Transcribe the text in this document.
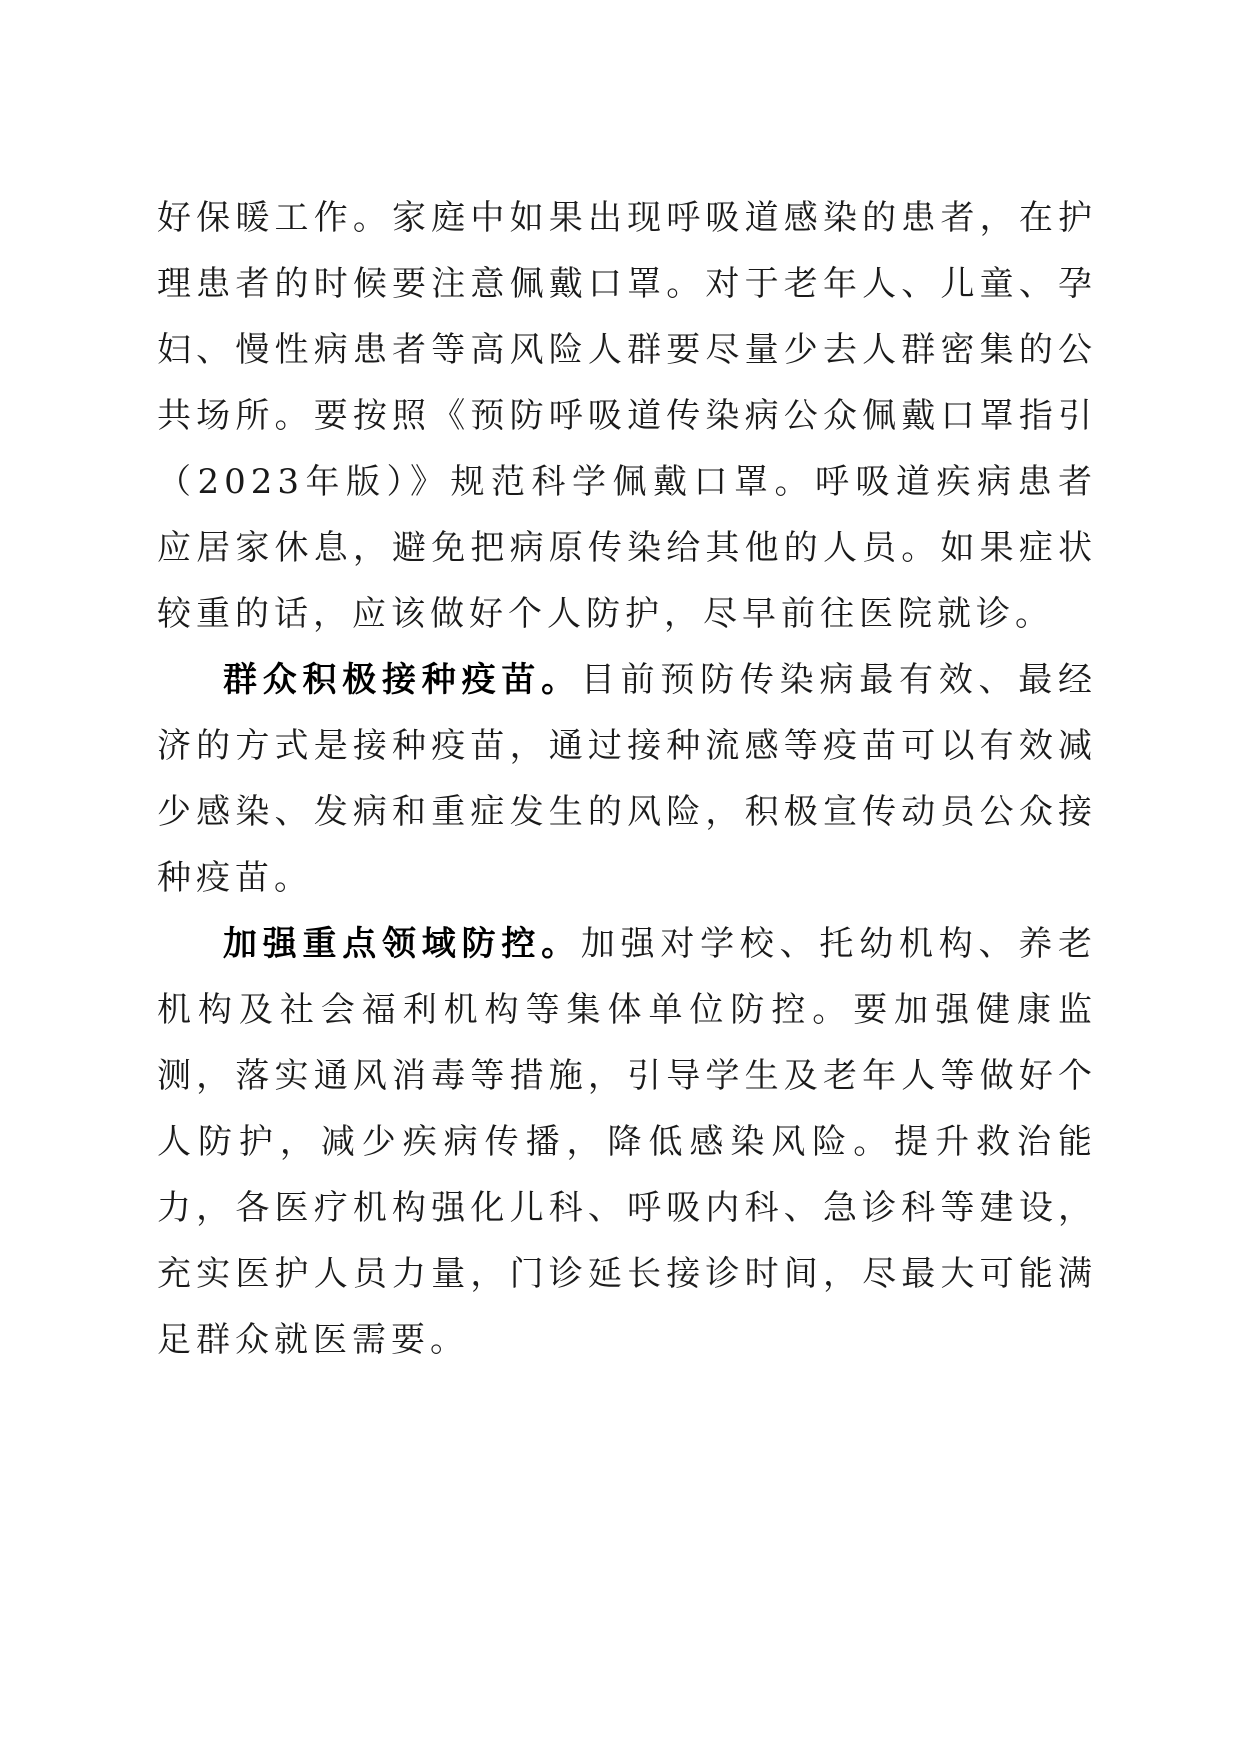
好保暖工作。家庭中如果出现呼吸道感染的患者，在护理患者的时候要注意佩戴口罩。对于老年人、儿童、孕妇、慢性病患者等高风险人群要尽量少去人群密集的公共场所。要按照《预防呼吸道传染病公众佩戴口罩指引（2023年版）》规范科学佩戴口罩。呼吸道疾病患者应居家休息，避免把病原传染给其他的人员。如果症状较重的话，应该做好个人防护，尽早前往医院就诊。

群众积极接种疫苗。目前预防传染病最有效、最经济的方式是接种疫苗，通过接种流感等疫苗可以有效减少感染、发病和重症发生的风险，积极宣传动员公众接种疫苗。

加强重点领域防控。加强对学校、托幼机构、养老机构及社会福利机构等集体单位防控。要加强健康监测，落实通风消毒等措施，引导学生及老年人等做好个人防护，减少疾病传播，降低感染风险。提升救治能力，各医疗机构强化儿科、呼吸内科、急诊科等建设，充实医护人员力量，门诊延长接诊时间，尽最大可能满足群众就医需要。
